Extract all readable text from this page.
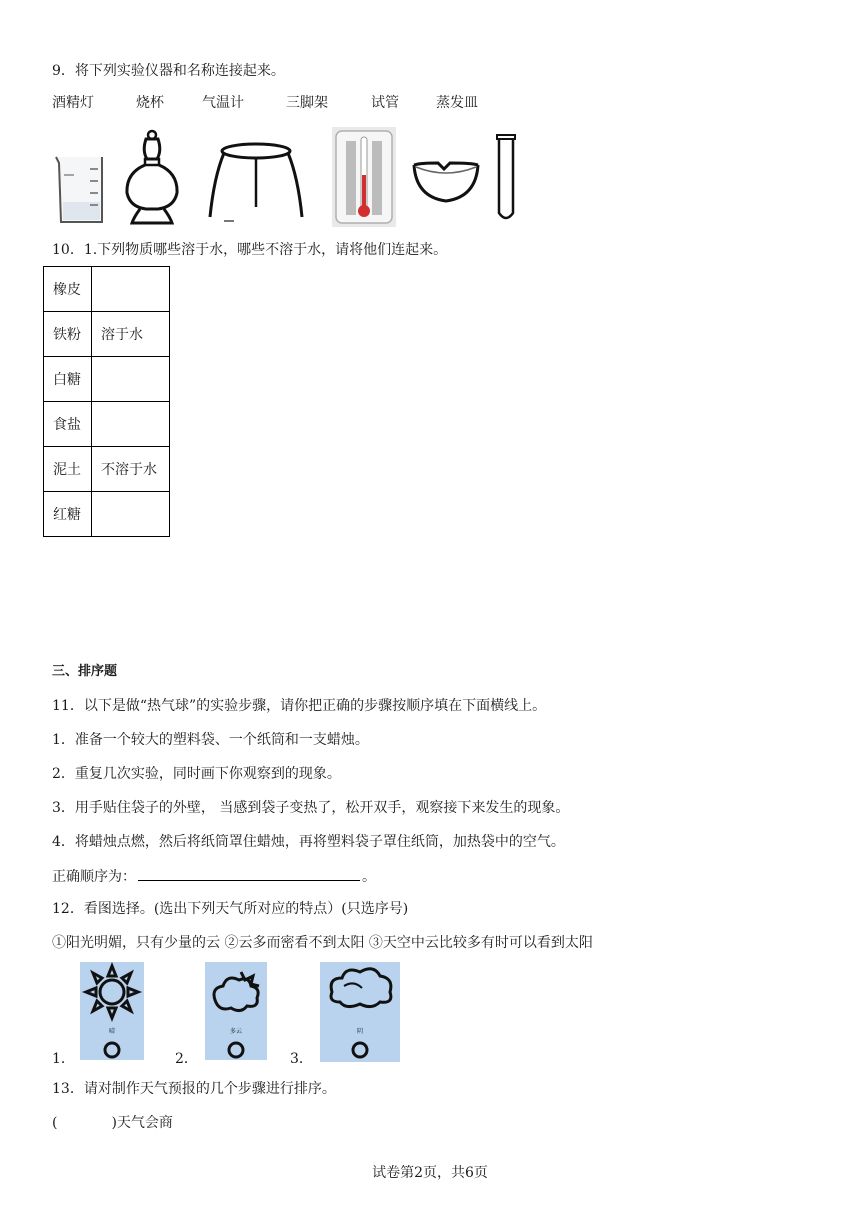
9．将下列实验仪器和名称连接起来。
酒精灯	烧杯	气温计	三脚架	试管	蒸发皿
10．1.下列物质哪些溶于水，哪些不溶于水，请将他们连起来。
橡皮	
铁粉	溶于水
白糖	
食盐	
泥土	不溶于水
红糖	
三、排序题
11．以下是做“热气球”的实验步骤，请你把正确的步骤按顺序填在下面横线上。
1．准备一个较大的塑料袋、一个纸筒和一支蜡烛。
2．重复几次实验，同时画下你观察到的现象。
3．用手贴住袋子的外壁， 当感到袋子变热了，松开双手，观察接下来发生的现象。
4．将蜡烛点燃，然后将纸筒罩住蜡烛，再将塑料袋子罩住纸筒，加热袋中的空气。
正确顺序为：	。
12．看图选择。(选出下列天气所对应的特点）(只选序号)
①阳光明媚，只有少量的云 ②云多而密看不到太阳 ③天空中云比较多有时可以看到太阳
1．
晴
2．
多云
3．
阴
13．请对制作天气预报的几个步骤进行排序。
(	)天气会商
试卷第2页，共6页
